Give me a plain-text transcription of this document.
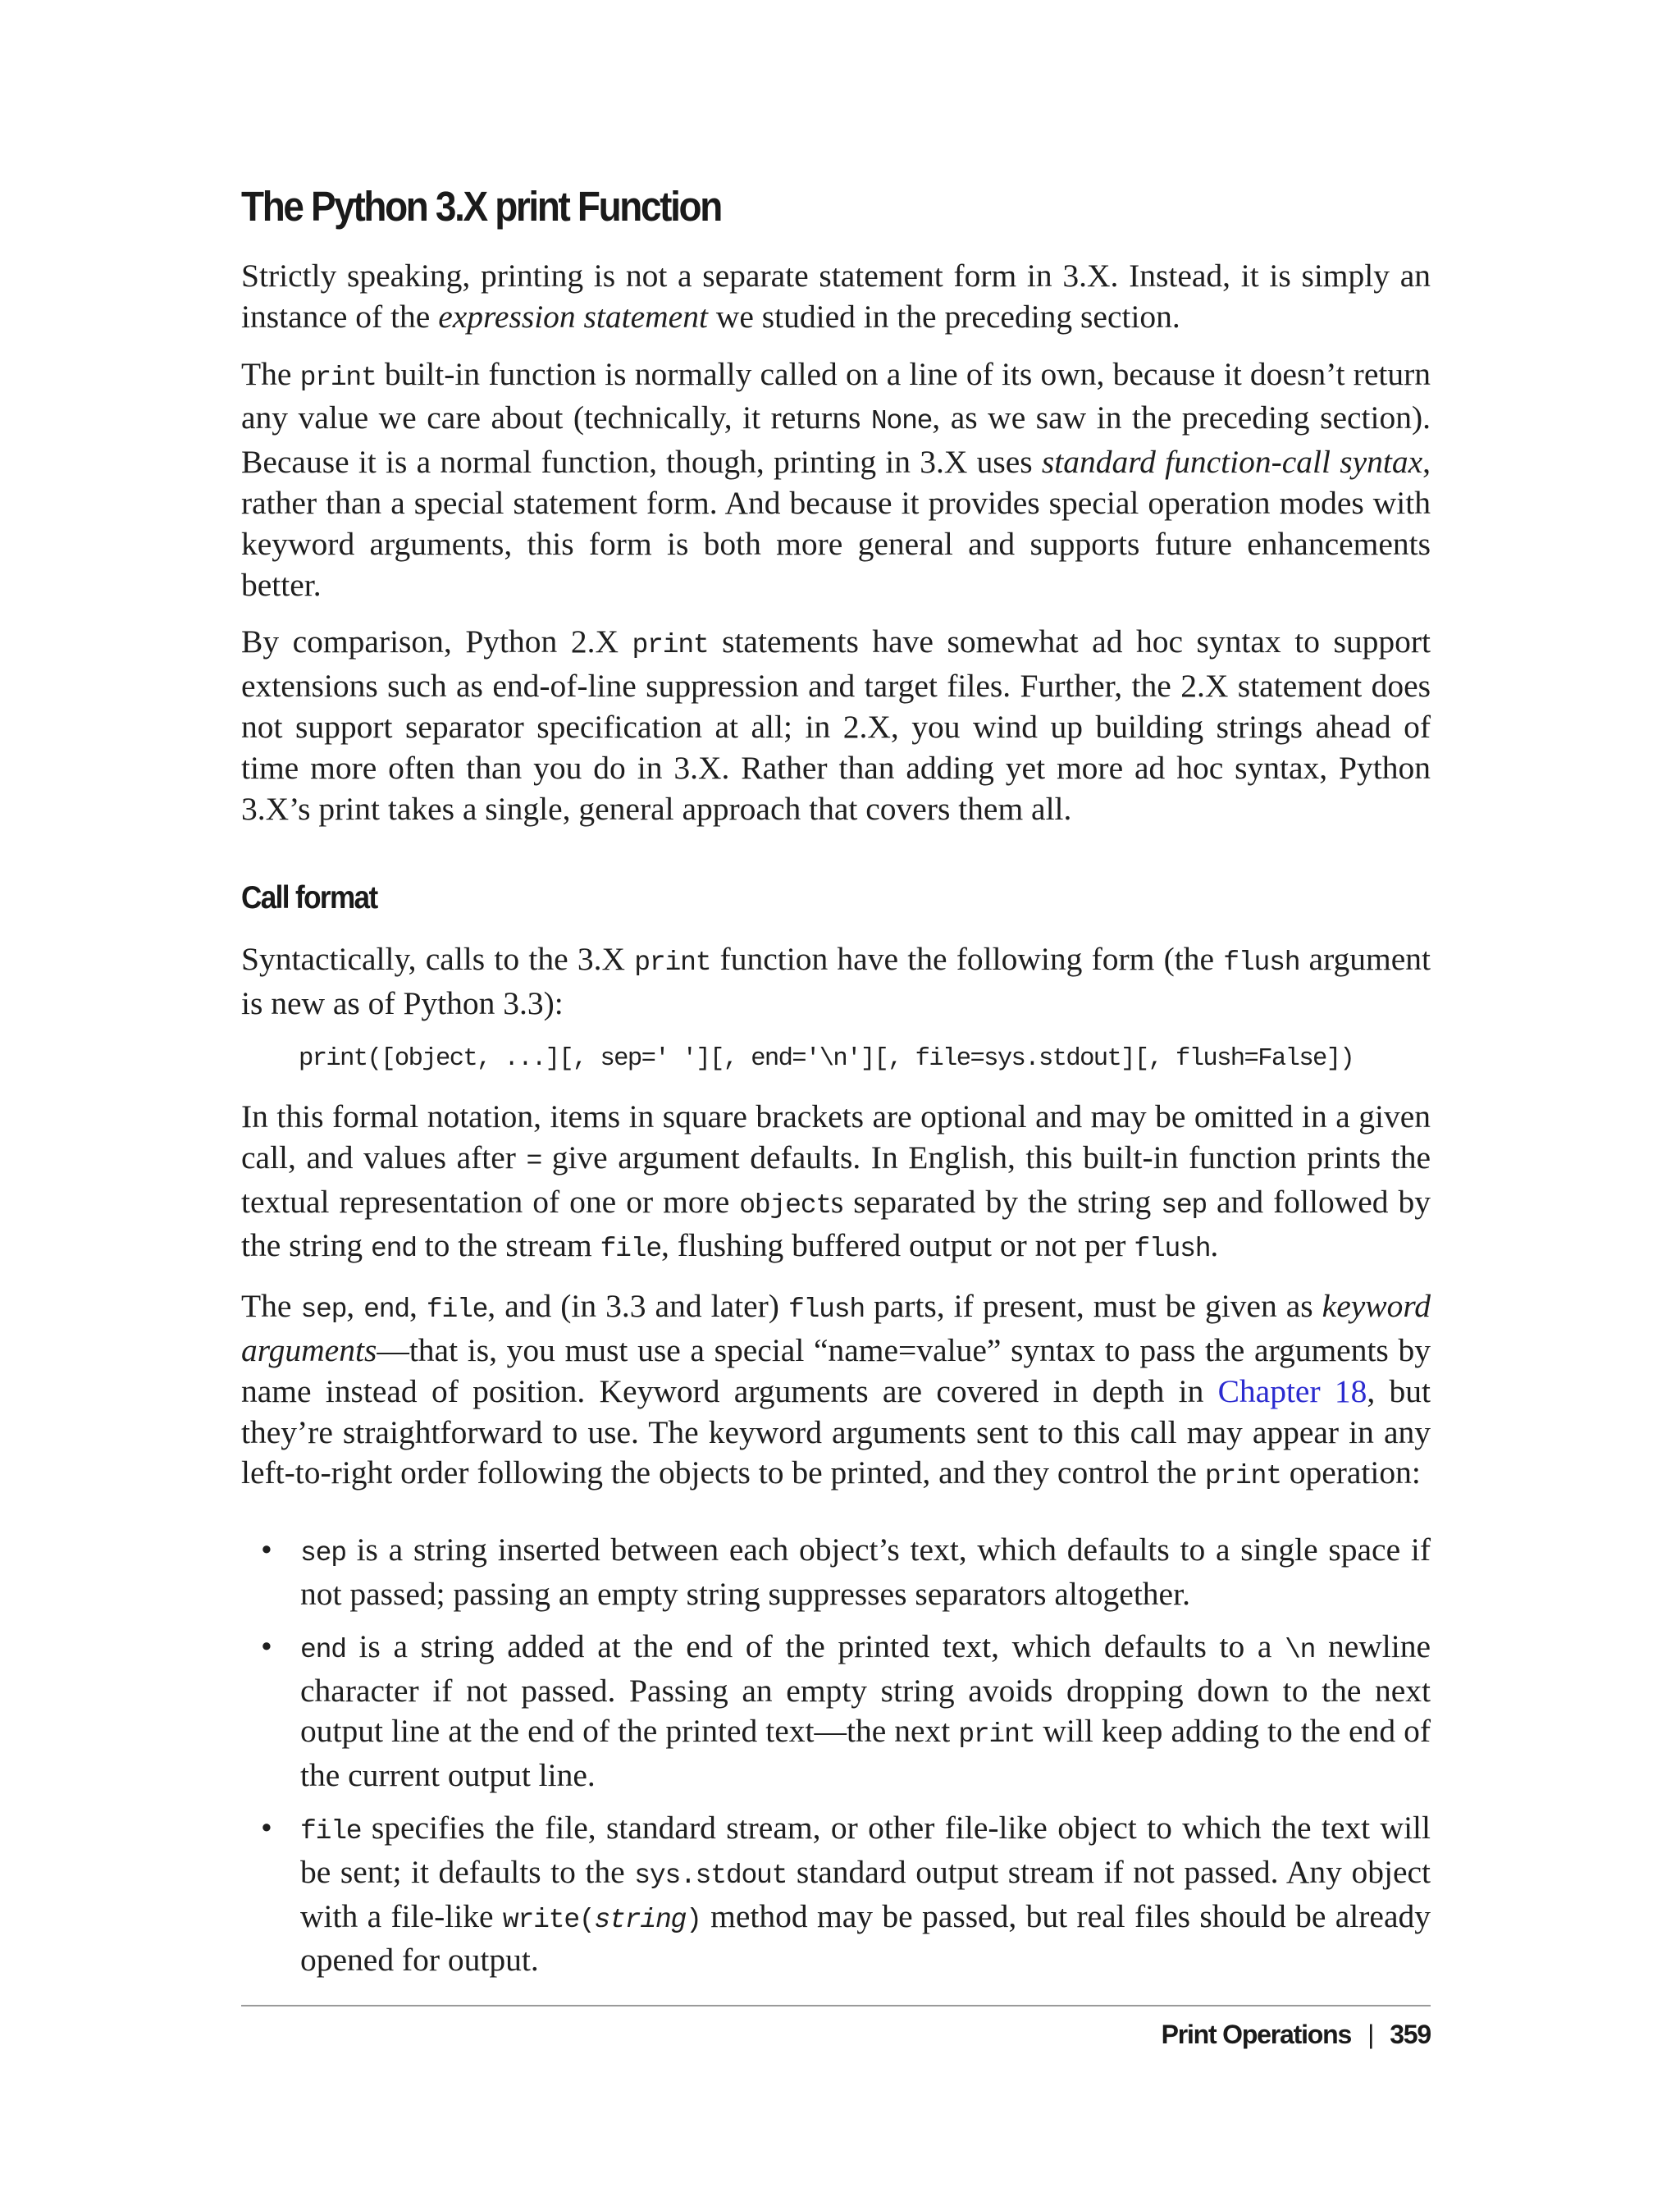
The Python 3.X print Function

Strictly speaking, printing is not a separate statement form in 3.X. Instead, it is simply an instance of the expression statement we studied in the preceding section.

The print built-in function is normally called on a line of its own, because it doesn’t return any value we care about (technically, it returns None, as we saw in the preceding section). Because it is a normal function, though, printing in 3.X uses standard function-call syntax, rather than a special statement form. And because it provides special operation modes with keyword arguments, this form is both more general and supports future enhancements better.

By comparison, Python 2.X print statements have somewhat ad hoc syntax to support extensions such as end-of-line suppression and target files. Further, the 2.X statement does not support separator specification at all; in 2.X, you wind up building strings ahead of time more often than you do in 3.X. Rather than adding yet more ad hoc syntax, Python 3.X’s print takes a single, general approach that covers them all.

Call format

Syntactically, calls to the 3.X print function have the following form (the flush argument is new as of Python 3.3):

print([object, ...][, sep=' '][, end='\n'][, file=sys.stdout][, flush=False])

In this formal notation, items in square brackets are optional and may be omitted in a given call, and values after = give argument defaults. In English, this built-in function prints the textual representation of one or more objects separated by the string sep and followed by the string end to the stream file, flushing buffered output or not per flush.

The sep, end, file, and (in 3.3 and later) flush parts, if present, must be given as keyword arguments—that is, you must use a special “name=value” syntax to pass the arguments by name instead of position. Keyword arguments are covered in depth in Chapter 18, but they’re straightforward to use. The keyword arguments sent to this call may appear in any left-to-right order following the objects to be printed, and they control the print operation:

• sep is a string inserted between each object’s text, which defaults to a single space if not passed; passing an empty string suppresses separators altogether.

• end is a string added at the end of the printed text, which defaults to a \n newline character if not passed. Passing an empty string avoids dropping down to the next output line at the end of the printed text—the next print will keep adding to the end of the current output line.

• file specifies the file, standard stream, or other file-like object to which the text will be sent; it defaults to the sys.stdout standard output stream if not passed. Any object with a file-like write(string) method may be passed, but real files should be already opened for output.

Print Operations | 359
